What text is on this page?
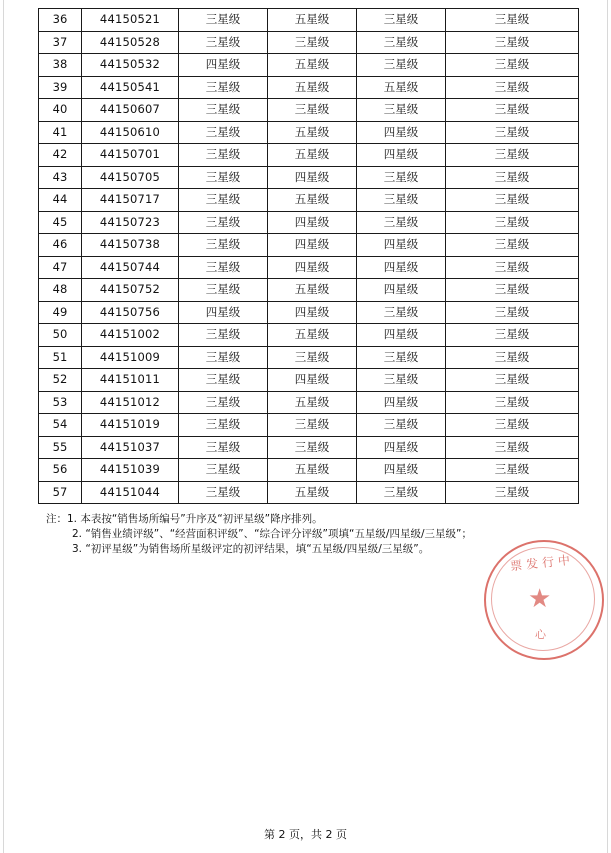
36	44150521	三星级	五星级	三星级	三星级
37	44150528	三星级	三星级	三星级	三星级
38	44150532	四星级	五星级	三星级	三星级
39	44150541	三星级	五星级	五星级	三星级
40	44150607	三星级	三星级	三星级	三星级
41	44150610	三星级	五星级	四星级	三星级
42	44150701	三星级	五星级	四星级	三星级
43	44150705	三星级	四星级	三星级	三星级
44	44150717	三星级	五星级	三星级	三星级
45	44150723	三星级	四星级	三星级	三星级
46	44150738	三星级	四星级	四星级	三星级
47	44150744	三星级	四星级	四星级	三星级
48	44150752	三星级	五星级	四星级	三星级
49	44150756	四星级	四星级	三星级	三星级
50	44151002	三星级	五星级	四星级	三星级
51	44151009	三星级	三星级	三星级	三星级
52	44151011	三星级	四星级	三星级	三星级
53	44151012	三星级	五星级	四星级	三星级
54	44151019	三星级	三星级	三星级	三星级
55	44151037	三星级	三星级	四星级	三星级
56	44151039	三星级	五星级	四星级	三星级
57	44151044	三星级	五星级	三星级	三星级
注：1. 本表按“销售场所编号”升序及“初评星级”降序排列。
2. “销售业绩评级”、“经营面积评级”、“综合评分评级”项填“五星级/四星级/三星级”；
3. “初评星级”为销售场所星级评定的初评结果，填“五星级/四星级/三星级”。
票发行中
★
心
第 2 页，共 2 页
